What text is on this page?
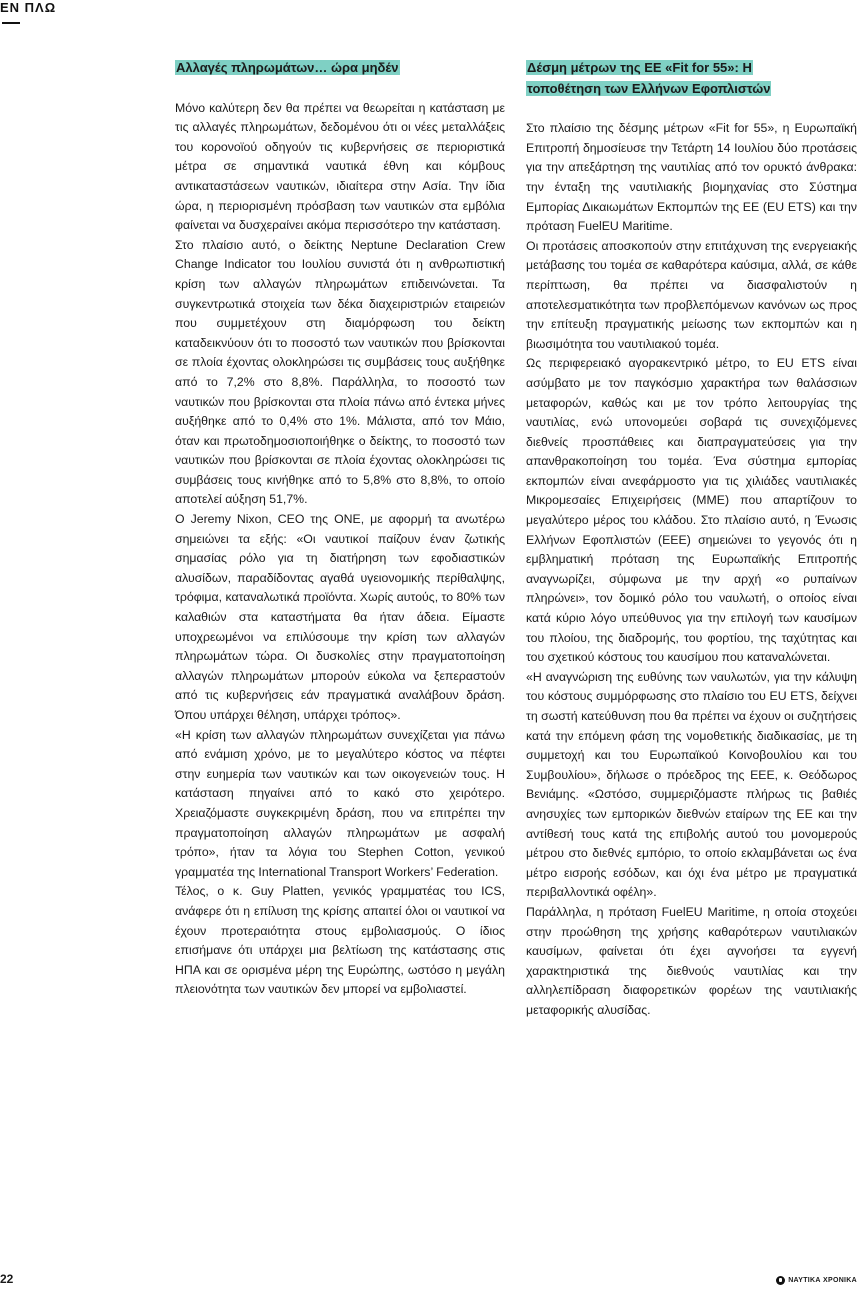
ΕΝ ΠΛΩ
Αλλαγές πληρωμάτων… ώρα μηδέν

Μόνο καλύτερη δεν θα πρέπει να θεωρείται η κατάσταση με τις αλλαγές πληρωμάτων, δεδομένου ότι οι νέες μεταλλάξεις του κορονοϊού οδηγούν τις κυβερνήσεις σε περιοριστικά μέτρα σε σημαντικά ναυτικά έθνη και κόμβους αντικαταστάσεων ναυτικών, ιδιαίτερα στην Ασία. Την ίδια ώρα, η περιορισμένη πρόσβαση των ναυτικών στα εμβόλια φαίνεται να δυσχεραίνει ακόμα περισσότερο την κατάσταση.

Στο πλαίσιο αυτό, ο δείκτης Neptune Declaration Crew Change Indicator του Ιουλίου συνιστά ότι η ανθρωπιστική κρίση των αλλαγών πληρωμάτων επιδεινώνεται. Τα συγκεντρωτικά στοιχεία των δέκα διαχειριστριών εταιρειών που συμμετέχουν στη διαμόρφωση του δείκτη καταδεικνύουν ότι το ποσοστό των ναυτικών που βρίσκονται σε πλοία έχοντας ολοκληρώσει τις συμβάσεις τους αυξήθηκε από το 7,2% στο 8,8%. Παράλληλα, το ποσοστό των ναυτικών που βρίσκονται στα πλοία πάνω από έντεκα μήνες αυξήθηκε από το 0,4% στο 1%. Μάλιστα, από τον Μάιο, όταν και πρωτοδημοσιοποιήθηκε ο δείκτης, το ποσοστό των ναυτικών που βρίσκονται σε πλοία έχοντας ολοκληρώσει τις συμβάσεις τους κινήθηκε από το 5,8% στο 8,8%, το οποίο αποτελεί αύξηση 51,7%.

Ο Jeremy Nixon, CEO της ONE, με αφορμή τα ανωτέρω σημειώνει τα εξής: «Οι ναυτικοί παίζουν έναν ζωτικής σημασίας ρόλο για τη διατήρηση των εφοδιαστικών αλυσίδων, παραδίδοντας αγαθά υγειονομικής περίθαλψης, τρόφιμα, καταναλωτικά προϊόντα. Χωρίς αυτούς, το 80% των καλαθιών στα καταστήματα θα ήταν άδεια. Είμαστε υποχρεωμένοι να επιλύσουμε την κρίση των αλλαγών πληρωμάτων τώρα. Οι δυσκολίες στην πραγματοποίηση αλλαγών πληρωμάτων μπορούν εύκολα να ξεπεραστούν από τις κυβερνήσεις εάν πραγματικά αναλάβουν δράση. Όπου υπάρχει θέληση, υπάρχει τρόπος».

«Η κρίση των αλλαγών πληρωμάτων συνεχίζεται για πάνω από ενάμιση χρόνο, με το μεγαλύτερο κόστος να πέφτει στην ευημερία των ναυτικών και των οικογενειών τους. Η κατάσταση πηγαίνει από το κακό στο χειρότερο. Χρειαζόμαστε συγκεκριμένη δράση, που να επιτρέπει την πραγματοποίηση αλλαγών πληρωμάτων με ασφαλή τρόπο», ήταν τα λόγια του Stephen Cotton, γενικού γραμματέα της International Transport Workers’ Federation.

Τέλος, ο κ. Guy Platten, γενικός γραμματέας του ICS, ανάφερε ότι η επίλυση της κρίσης απαιτεί όλοι οι ναυτικοί να έχουν προτεραιότητα στους εμβολιασμούς. Ο ίδιος επισήμανε ότι υπάρχει μια βελτίωση της κατάστασης στις ΗΠΑ και σε ορισμένα μέρη της Ευρώπης, ωστόσο η μεγάλη πλειονότητα των ναυτικών δεν μπορεί να εμβολιαστεί.

Δέσμη μέτρων της ΕΕ «Fit for 55»: Η
τοποθέτηση των Ελλήνων Εφοπλιστών

Στο πλαίσιο της δέσμης μέτρων «Fit for 55», η Ευρωπαϊκή Επιτροπή δημοσίευσε την Τετάρτη 14 Ιουλίου δύο προτάσεις για την απεξάρτηση της ναυτιλίας από τον ορυκτό άνθρακα: την ένταξη της ναυτιλιακής βιομηχανίας στο Σύστημα Εμπορίας Δικαιωμάτων Εκπομπών της ΕΕ (EU ETS) και την πρόταση FuelEU Maritime.

Οι προτάσεις αποσκοπούν στην επιτάχυνση της ενεργειακής μετάβασης του τομέα σε καθαρότερα καύσιμα, αλλά, σε κάθε περίπτωση, θα πρέπει να διασφαλιστούν η αποτελεσματικότητα των προβλεπόμενων κανόνων ως προς την επίτευξη πραγματικής μείωσης των εκπομπών και η βιωσιμότητα του ναυτιλιακού τομέα.

Ως περιφερειακό αγορακεντρικό μέτρο, το EU ETS είναι ασύμβατο με τον παγκόσμιο χαρακτήρα των θαλάσσιων μεταφορών, καθώς και με τον τρόπο λειτουργίας της ναυτιλίας, ενώ υπονομεύει σοβαρά τις συνεχιζόμενες διεθνείς προσπάθειες και διαπραγματεύσεις για την απανθρακοποίηση του τομέα. Ένα σύστημα εμπορίας εκπομπών είναι ανεφάρμοστο για τις χιλιάδες ναυτιλιακές Μικρομεσαίες Επιχειρήσεις (ΜΜΕ) που απαρτίζουν το μεγαλύτερο μέρος του κλάδου. Στο πλαίσιο αυτό, η Ένωσις Ελλήνων Εφοπλιστών (ΕΕΕ) σημειώνει το γεγονός ότι η εμβληματική πρόταση της Ευρωπαϊκής Επιτροπής αναγνωρίζει, σύμφωνα με την αρχή «ο ρυπαίνων πληρώνει», τον δομικό ρόλο του ναυλωτή, ο οποίος είναι κατά κύριο λόγο υπεύθυνος για την επιλογή των καυσίμων του πλοίου, της διαδρομής, του φορτίου, της ταχύτητας και του σχετικού κόστους του καυσίμου που καταναλώνεται.

«Η αναγνώριση της ευθύνης των ναυλωτών, για την κάλυψη του κόστους συμμόρφωσης στο πλαίσιο του EU ETS, δείχνει τη σωστή κατεύθυνση που θα πρέπει να έχουν οι συζητήσεις κατά την επόμενη φάση της νομοθετικής διαδικασίας, με τη συμμετοχή και του Ευρωπαϊκού Κοινοβουλίου και του Συμβουλίου», δήλωσε ο πρόεδρος της ΕΕΕ, κ. Θεόδωρος Βενιάμης. «Ωστόσο, συμμεριζόμαστε πλήρως τις βαθιές ανησυχίες των εμπορικών διεθνών εταίρων της ΕΕ και την αντίθεσή τους κατά της επιβολής αυτού του μονομερούς μέτρου στο διεθνές εμπόριο, το οποίο εκλαμβάνεται ως ένα μέτρο εισροής εσόδων, και όχι ένα μέτρο με πραγματικά περιβαλλοντικά οφέλη».

Παράλληλα, η πρόταση FuelEU Maritime, η οποία στοχεύει στην προώθηση της χρήσης καθαρότερων ναυτιλιακών καυσίμων, φαίνεται ότι έχει αγνοήσει τα εγγενή χαρακτηριστικά της διεθνούς ναυτιλίας και την αλληλεπίδραση διαφορετικών φορέων της ναυτιλιακής μεταφορικής αλυσίδας.

22	ΝΑΥΤΙΚΑ ΧΡΟΝΙΚΑ
